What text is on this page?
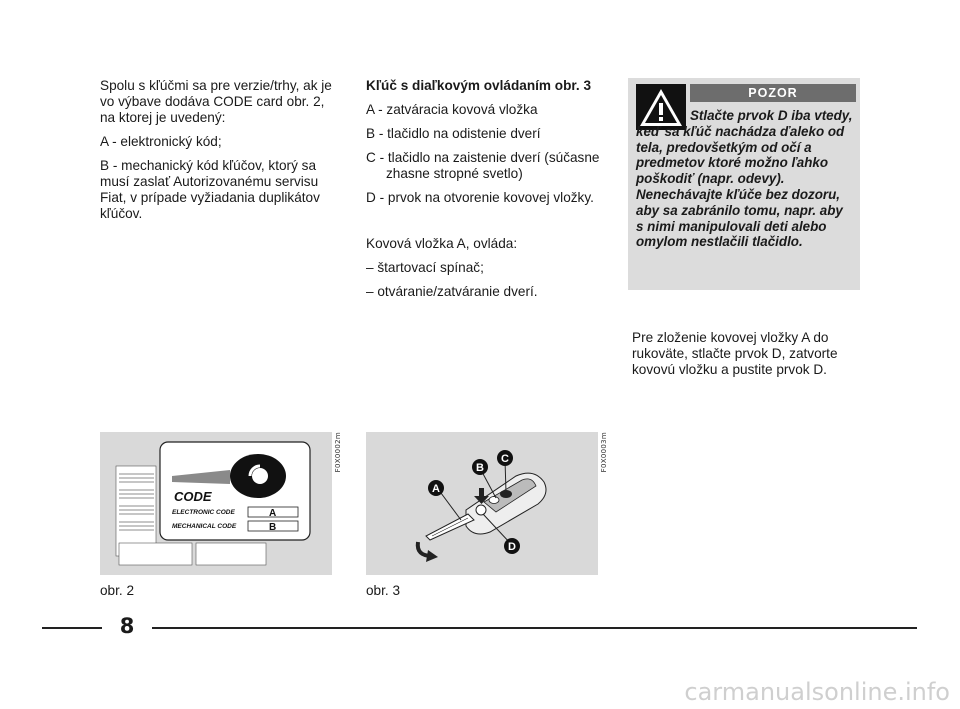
Spolu s kľúčmi sa pre verzie/trhy, ak je vo výbave dodáva CODE card obr. 2, na ktorej je uvedený:

A - elektronický kód;

B - mechanický kód kľúčov, ktorý sa musí zaslať Autorizovanému servisu Fiat, v prípade vyžiadania duplikátov kľúčov.

Kľúč s diaľkovým ovládaním obr. 3

A - zatváracia kovová vložka

B - tlačidlo na odistenie dverí

C - tlačidlo na zaistenie dverí (súčasne zhasne stropné svetlo)

D - prvok na otvorenie kovovej vložky.

Kovová vložka A, ovláda:

– štartovací spínač;

– otváranie/zatváranie dverí.

POZOR
Stlačte prvok D iba vtedy, keď sa kľúč nachádza ďaleko od tela, predovšetkým od očí a predmetov ktoré možno ľahko poškodiť (napr. odevy). Nenechávajte kľúče bez dozoru, aby sa zabránilo tomu, napr. aby s nimi manipulovali deti alebo omylom nestlačili tlačidlo.

Pre zloženie kovovej vložky A do rukoväte, stlačte prvok D, zatvorte kovovú vložku a pustite prvok D.

CODE
ELECTRONIC CODE
MECHANICAL CODE
A
B
F0X0002m
obr. 2
A
B
C
D
F0X0003m
obr. 3
8
carmanualsonline.info
